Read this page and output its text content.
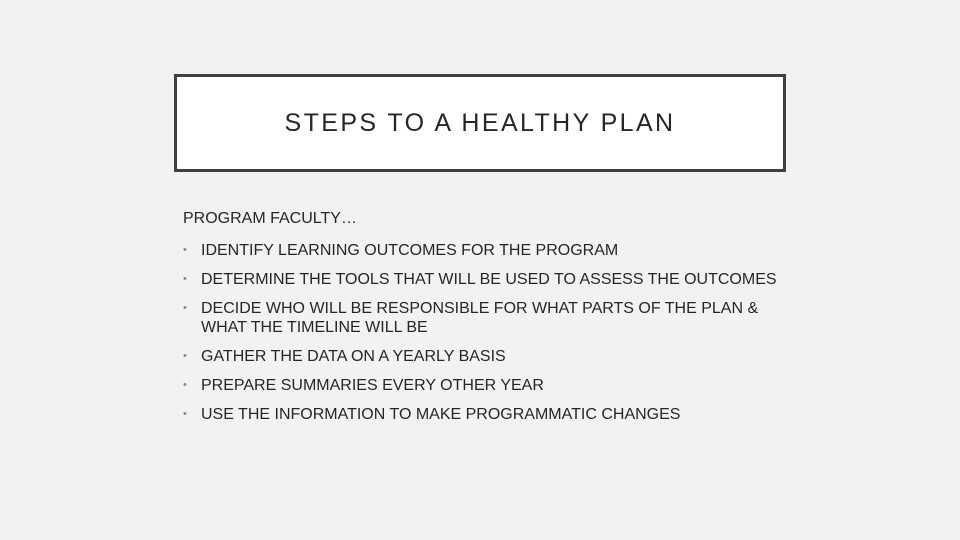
STEPS TO A HEALTHY PLAN

PROGRAM FACULTY…

• IDENTIFY LEARNING OUTCOMES FOR THE PROGRAM
• DETERMINE THE TOOLS THAT WILL BE USED TO ASSESS THE OUTCOMES
• DECIDE WHO WILL BE RESPONSIBLE FOR WHAT PARTS OF THE PLAN & WHAT THE TIMELINE WILL BE
• GATHER THE DATA ON A YEARLY BASIS
• PREPARE SUMMARIES EVERY OTHER YEAR
• USE THE INFORMATION TO MAKE PROGRAMMATIC CHANGES
